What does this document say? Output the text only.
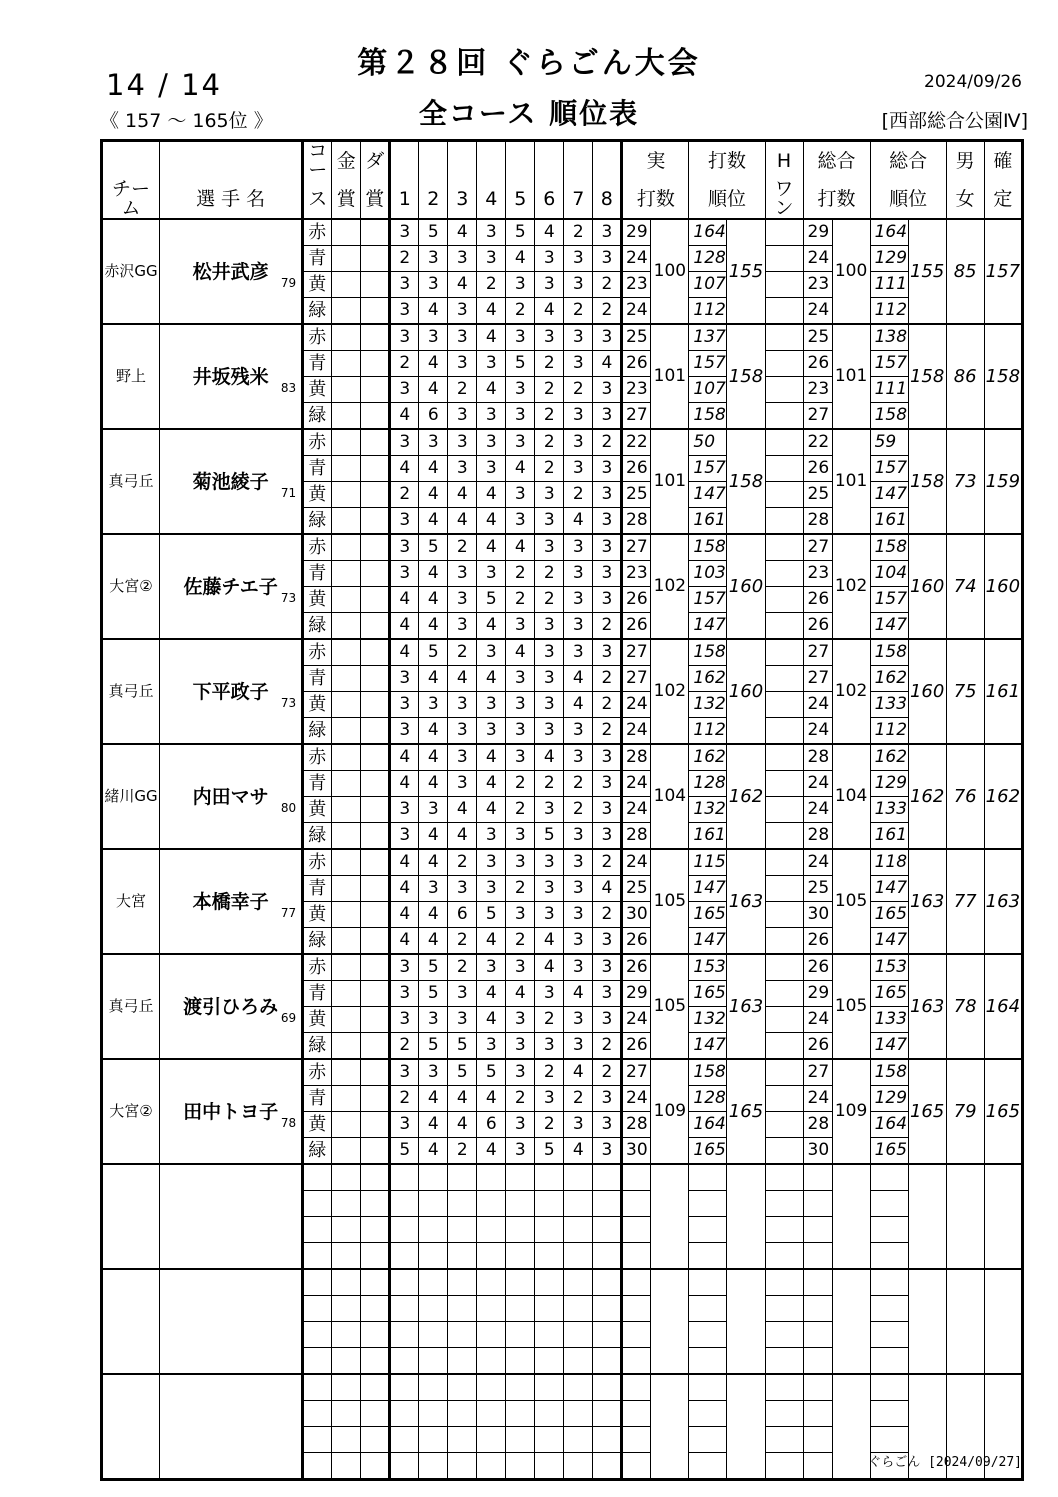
14 / 14
《 157 ～ 165位 》
第２８回 ぐらごん大会
全コース 順位表
2024/09/26
[西部総合公園Ⅳ]
		コー	金	ダ									実		打数		H	総合		総合		男	確
チーム	選 手 名	ス	賞	賞	1	2	3	4	5	6	7	8	打数		順位		ワン	打数		順位		女	定
赤沢GG	松井武彦 79	赤			3	5	4	3	5	4	2	3	29	100	164	155		29	100	164	155	85	157
		青			2	3	3	3	4	3	3	3	24		128			24		129			
		黄			3	3	4	2	3	3	3	2	23		107			23		111			
		緑			3	4	3	4	2	4	2	2	24		112			24		112			
野上	井坂残米 83	赤			3	3	3	4	3	3	3	3	25	101	137	158		25	101	138	158	86	158
		青			2	4	3	3	5	2	3	4	26		157			26		157			
		黄			3	4	2	4	3	2	2	3	23		107			23		111			
		緑			4	6	3	3	3	2	3	3	27		158			27		158			
真弓丘	菊池綾子 71	赤			3	3	3	3	3	2	3	2	22	101	50	158		22	101	59	158	73	159
		青			4	4	3	3	4	2	3	3	26		157			26		157			
		黄			2	4	4	4	3	3	2	3	25		147			25		147			
		緑			3	4	4	4	3	3	4	3	28		161			28		161			
大宮②	佐藤チエ子 73	赤			3	5	2	4	4	3	3	3	27	102	158	160		27	102	158	160	74	160
		青			3	4	3	3	2	2	3	3	23		103			23		104			
		黄			4	4	3	5	2	2	3	3	26		157			26		157			
		緑			4	4	3	4	3	3	3	2	26		147			26		147			
真弓丘	下平政子 73	赤			4	5	2	3	4	3	3	3	27	102	158	160		27	102	158	160	75	161
		青			3	4	4	4	3	3	4	2	27		162			27		162			
		黄			3	3	3	3	3	3	4	2	24		132			24		133			
		緑			3	4	3	3	3	3	3	2	24		112			24		112			
緒川GG	内田マサ 80	赤			4	4	3	4	3	4	3	3	28	104	162	162		28	104	162	162	76	162
		青			4	4	3	4	2	2	2	3	24		128			24		129			
		黄			3	3	4	4	2	3	2	3	24		132			24		133			
		緑			3	4	4	3	3	5	3	3	28		161			28		161			
大宮	本橋幸子 77	赤			4	4	2	3	3	3	3	2	24	105	115	163		24	105	118	163	77	163
		青			4	3	3	3	2	3	3	4	25		147			25		147			
		黄			4	4	6	5	3	3	3	2	30		165			30		165			
		緑			4	4	2	4	2	4	3	3	26		147			26		147			
真弓丘	渡引ひろみ 69	赤			3	5	2	3	3	4	3	3	26	105	153	163		26	105	153	163	78	164
		青			3	5	3	4	4	3	4	3	29		165			29		165			
		黄			3	3	3	4	3	2	3	3	24		132			24		133			
		緑			2	5	5	3	3	3	3	2	26		147			26		147			
大宮②	田中トヨ子 78	赤			3	3	5	5	3	2	4	2	27	109	158	165		27	109	158	165	79	165
		青			2	4	4	4	2	3	2	3	24		128			24		129			
		黄			3	4	4	6	3	2	3	3	28		164			28		164			
		緑			5	4	2	4	3	5	4	3	30		165			30		165			

ぐらごん [2024/09/27]
